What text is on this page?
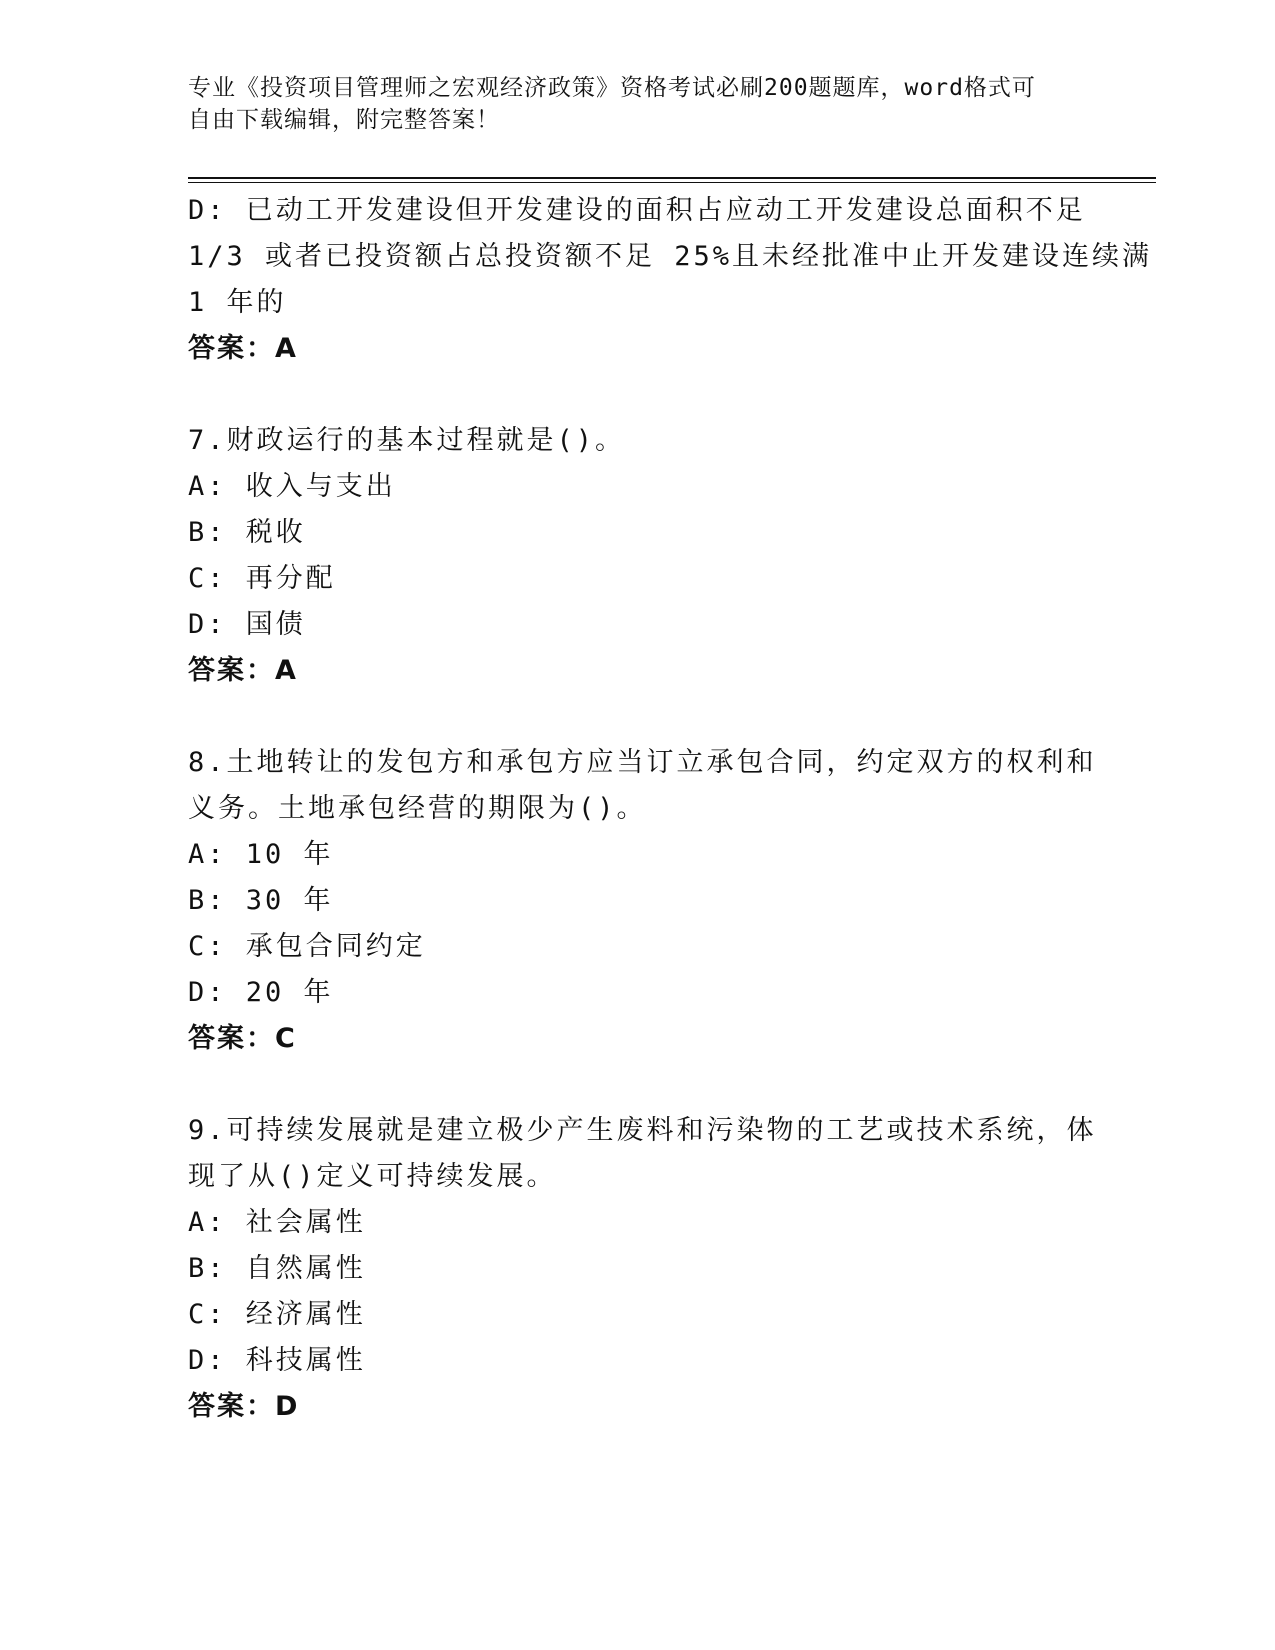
专业《投资项目管理师之宏观经济政策》资格考试必刷200题题库，word格式可
自由下载编辑，附完整答案！
D: 已动工开发建设但开发建设的面积占应动工开发建设总面积不足
1/3 或者已投资额占总投资额不足 25%且未经批准中止开发建设连续满
1 年的
答案：A
7.财政运行的基本过程就是()。
A: 收入与支出
B: 税收
C: 再分配
D: 国债
答案：A
8.土地转让的发包方和承包方应当订立承包合同，约定双方的权利和
义务。土地承包经营的期限为()。
A: 10 年
B: 30 年
C: 承包合同约定
D: 20 年
答案：C
9.可持续发展就是建立极少产生废料和污染物的工艺或技术系统，体
现了从()定义可持续发展。
A: 社会属性
B: 自然属性
C: 经济属性
D: 科技属性
答案：D
